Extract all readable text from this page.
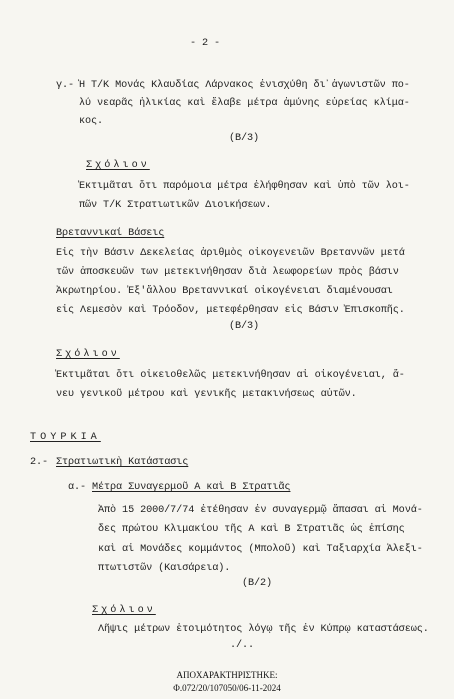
- 2 -
γ.- Ἡ Τ/Κ Μονάς Κλαυδίας Λάρνακος ἐνισχύθη δι᾽ἀγωνιστῶν πο-
λύ νεαρᾶς ἡλικίας καὶ ἔλαβε μέτρα ἀμύνης εὐρείας κλίμα-
κος.
(Β/3)
Σχόλιον
Ἐκτιμᾶται ὅτι παρόμοια μέτρα ἐλήφθησαν καὶ ὑπὸ τῶν λοι-
πῶν Τ/Κ Στρατιωτικῶν Διοικήσεων.
Βρεταννικαί Βάσεις
Εἰς τὴν Βάσιν Δεκελείας ἀριθμὸς οἰκογενειῶν Βρεταννῶν μετά
τῶν ἀποσκευῶν των μετεκινήθησαν διὰ λεωφορείων πρὸς βάσιν
Ἀκρωτηρίου. Ἐξ'ἄλλου Βρεταννικαί οἰκογένειαι διαμένουσαι
εἰς Λεμεσὸν καὶ Τρόοδον, μετεφέρθησαν εἰς Βάσιν Ἐπισκοπῆς.
(Β/3)
Σχόλιον
Ἐκτιμᾶται ὅτι οἰκειοθελῶς μετεκινήθησαν αἱ οἰκογένειαι, ἄ-
νευ γενικοῦ μέτρου καὶ γενικῆς μετακινήσεως αὐτῶν.
ΤΟΥΡΚΙΑ
2.- Στρατιωτικὴ Κατάστασις
α.- Μέτρα Συναγερμοῦ Α καὶ Β Στρατιᾶς
Ἀπὸ 15 2000/7/74 ἐτέθησαν ἐν συναγερμῷ ἅπασαι αἱ Μονά-
δες πρώτου Κλιμακίου τῆς Α καὶ Β Στρατιᾶς ὡς ἐπίσης
καὶ αἱ Μονάδες κομμάντος (Μπολοῦ) καὶ Ταξιαρχία Ἀλεξι-
πτωτιστῶν (Καισάρεια).
(Β/2)
Σχόλιον
Λῆψις μέτρων ἑτοιμότητος λόγῳ τῆς ἐν Κύπρῳ καταστάσεως.
./..
ΑΠΟΧΑΡΑΚΤΗΡΙΣΤΗΚΕ:
Φ.072/20/107050/06-11-2024
